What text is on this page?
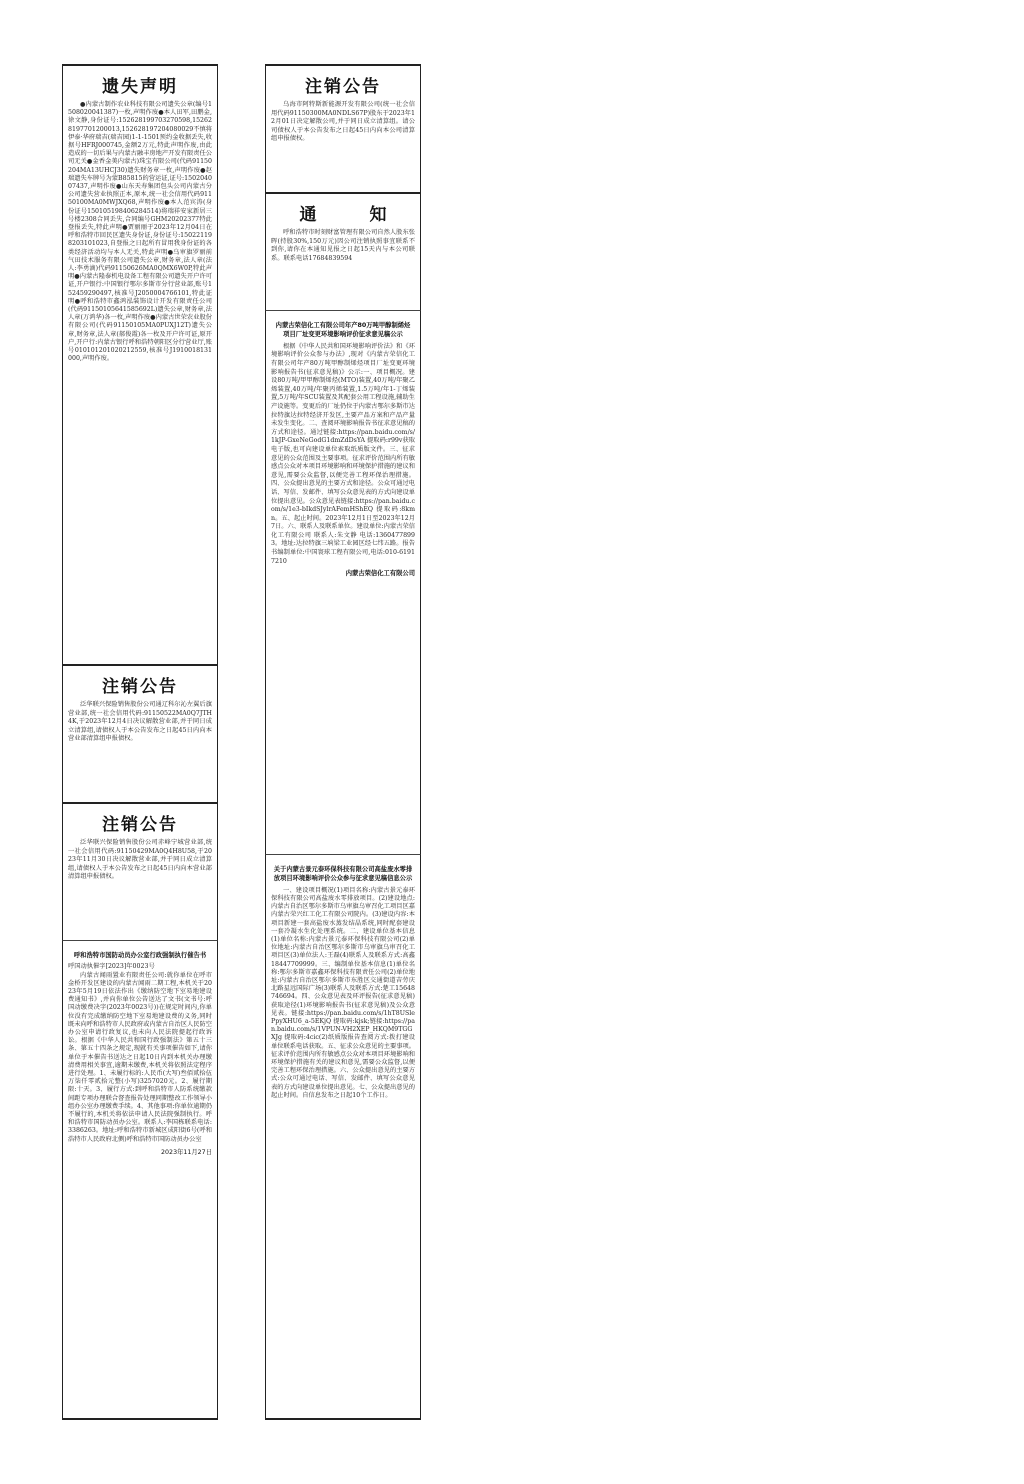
遗失声明

●内蒙古制作农业科技有限公司遗失公章(编号1508020041387)一枚,声明作废●本人田军,田鹏金,徐文静,身份证号:152628199703270598,152628197701200013,152628197204080029不慎将伊泰·华府瑞吉(瑞吉园)1-1-1501预约金收据丢失,收据号HFRJ000745,金额2万元,特此声明作废,由此造成的一切后果与内蒙古融丰房地产开发有限责任公司无关●金香金美内蒙古)珠宝有限公司(代码91150204MA13UHCJ30)遗失财务章一枚,声明作废●赵瑞遗失车牌号为蒙B85815的营运证,证号:150204007437,声明作废●山东天寿集团包头公司内蒙古分公司遗失营业执照正本,原本,统一社会信用代码91150100MA0MWJXQ68,声明作废●本人范宾涛(身份证号150105198406284514)将瑞祥安家新居三号楼2308合同丢失,合同编号GHM20202377特此登报丢失,特此声明●贾丽丽于2023年12月04日在呼和浩特市回民区遗失身份证,身份证号:150221198203101023,自登报之日起所有冒用我身份证的各类经济活动均与本人无关,特此声明●乌审旗罗丽前气田技术服务有限公司遗失公章,财务章,法人章(法人:李勇滴)代码91150626MA0QMX6W0P,特此声明●内蒙古隆泰机电设备工程有限公司遗失开户许可证,开户银行:中国银行鄂尔多斯市分行营业部,账号152459290497,核准号J2050004766101,特此证明●呼和浩特市鑫鸿泓装饰设计开发有限责任公司(代码91150105641585692L)遗失公章,财务章,法人章(万鸿华)各一枚,声明作废●内蒙古世荣农业股份有限公司(代码91150105MA0PUXJ12T)遗失公章,财务章,法人章(郝俊霞)各一枚及开户许可证,原开户,开户行:内蒙古银行呼和浩特朝阳区分行营业厅,账号010101201020212559,核准号J1910018131000,声明作废。

注销公告

泛华联兴保险销售股份公司通辽科尔沁左翼后旗营业部,统一社会信用代码:91150522MA0Q7JTH4K,于2023年12月4日决议解散营业部,并于同日成立清算组,请债权人于本公告发布之日起45日内向本营业部清算组申报债权。

注销公告

泛华联兴保险销售股份公司赤峰宁城营业部,统一社会信用代码:91150429MA0Q4H8U58,于2023年11月30日决议解散营业部,并于同日成立清算组,请债权人于本公告发布之日起45日内向本营业部清算组申报债权。

呼和浩特市国防动员办公室行政强制执行催告书

呼国动执催字[2023]年0023号

内蒙古闻雨置业有限责任公司:就你单位在呼市金桥开发区建设的内蒙古闻雨二期工程,本机关于2023年5月19日依法作出《缴纳防空地下室易地建设费通知书》,并向你单位公告送达了文书(文书号:呼国动缴费决字(2023年0023号))在规定时间内,你单位没有完成缴纳防空地下室易地建设费的义务,同时既未向呼和浩特市人民政府或内蒙古自治区人民防空办公室申请行政复议,也未向人民法院提起行政诉讼。根据《中华人民共和国行政强制法》第五十三条、第五十四条之规定,现就有关事项催告如下,请你单位于本催告书送达之日起10日内到本机关办理缴清费用相关事宜,逾期未缴费,本机关将依照法定程序进行处理。1、未履行标的:人民币(大写)叁佰贰拾伍万柒仟零贰拾元整(小写)3257020元。2、履行期限:十天。3、履行方式:到呼和浩特市人防系统缴款间距专项办理联合督查报告处理同期整改工作领导小组办公室办理缴费手续。4、其他事项:你单位逾期仍不履行的,本机关将依法申请人民法院强制执行。呼和浩特市国防动员办公室。联系人:李国栋联系电话:3386263。地址:呼和浩特市新城区成阳街6号(呼和浩特市人民政府北侧)呼和浩特市国防动员办公室

2023年11月27日
注销公告

乌海市阿特斯新能源开发有限公司(统一社会信用代码91150300MA0NDLS67P)股东于2023年12月01日决定解散公司,并于同日成立清算组。请公司债权人于本公告发布之日起45日内向本公司清算组申报债权。

通　知

呼和浩特市时刻财富管理有限公司自然人股东张晖(持股30%,150万元)因公司注销执照事宜联系不到你,请你在本通知见报之日起15天内与本公司联系。联系电话17684839594

内蒙古荣信化工有限公司年产80万吨甲醇制烯烃项目厂址变更环境影响评价征求意见稿公示

根据《中华人民共和国环境影响评价法》和《环境影响评价公众参与办法》,现对《内蒙古荣信化工有限公司年产80万吨甲醇制烯烃项目厂址变更环境影响报告书(征求意见稿)》公示:一、项目概况。建设80万吨/甲甲醇制烯烃(MTO)装置,40万吨/年聚乙烯装置,40万吨/年聚丙烯装置,1.5万吨/年1-丁烯装置,5万吨/年SCU装置及其配套公用工程设施,辅助生产设施等。变更后的厂址仍位于内蒙古鄂尔多斯市达拉特旗达拉特经济开发区,主要产品方案和产品产量未发生变化。二、查阅环境影响报告书征求意见稿的方式和途径。通过链接:https://pan.baidu.com/s/1kJP-GxeNeGodG1dmZdDsYA 提取码:r99v获取电子版,也可向建设单位索取纸质版文件。三、征求意见的公众范围及主要事项。征求评价范围内所有敏感点公众对本项目环境影响和环境保护措施的建议和意见,需要公众监督,以便完善工程环保治理措施。四、公众提出意见的主要方式和途径。公众可通过电话、写信、发邮件、填写公众意见表的方式向建设单位提出意见。公众意见表链接:https://pan.baidu.com/s/1e3-bIkdSJylrAFemHShEQ 提取码:8kmn。五、起止时间。2023年12月1日至2023年12月7日。六、联系人及联系单位。建设单位:内蒙古荣信化工有限公司 联系人:朱文静 电话:13604778993。地址:达拉特旗三垧梁工业园区经七纬五路。报告书编制单位:中国寰球工程有限公司,电话:010-61917210

内蒙古荣信化工有限公司
关于内蒙古景元泰环保科技有限公司高盐废水零排放项目环境影响评价公众参与征求意见稿信息公示

一、建设项目概况(1)项目名称:内蒙古景元泰环保科技有限公司高盐废水零排放项目。(2)建设地点:内蒙古自治区鄂尔多斯市乌审旗乌审召化工项目区嘉内蒙古荣兴红工化工有限公司院内。(3)建设内容:本项目新建一套高盐废水蒸发结晶系统,同时配套建设一套冷凝水生化处理系统。二、建设单位基本信息(1)单位名称:内蒙古景元泰环保科技有限公司(2)单位地址:内蒙古自治区鄂尔多斯市乌审旗乌审召化工项目区(3)单位法人:王磊(4)联系人及联系方式:高鑫18447709999。三、编制单位基本信息(1)单位名称:鄂尔多斯市嘉鑫环保科技有限责任公司(2)单位地址:内蒙古自治区鄂尔多斯市东胜区交通街道吉劳庆北路星远国际广场(3)联系人及联系方式:楚工15648746694。四、公众意见表及环评报告(征求意见稿)获取途径(1)环境影响报告书(征求意见稿)及公众意见表。链接:https://pan.baidu.com/s/1hT8USlePpyXHU6_a-5EKjQ 提取码:kjsk;链接:https://pan.baidu.com/s/1VPUN-VH2XEP_HKQM9TGGXJg 提取码:4cic(2)纸质版报告查阅方式:拨打建设单位联系电话获取。五、征求公众意见的主要事项。征求评价范围内所有敏感点公众对本项目环境影响和环境保护措施有关的建议和意见,需要公众监督,以便完善工程环保治理措施。六、公众提出意见的主要方式:公众可通过电话、写信、发邮件、填写公众意见表的方式向建设单位提出意见。七、公众提出意见的起止时间。自信息发布之日起10个工作日。
